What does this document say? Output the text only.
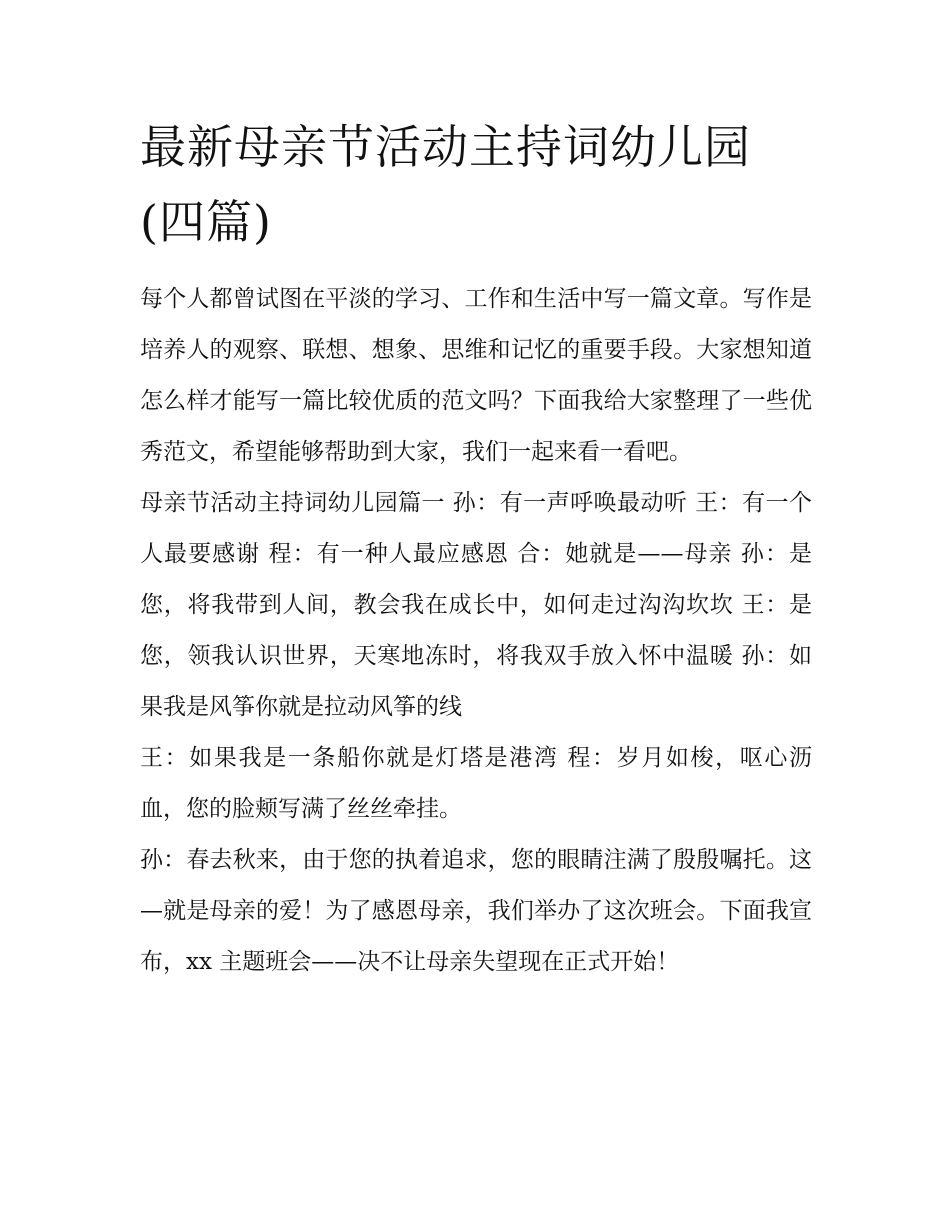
最新母亲节活动主持词幼儿园(四篇)

每个人都曾试图在平淡的学习、工作和生活中写一篇文章。写作是培养人的观察、联想、想象、思维和记忆的重要手段。大家想知道怎么样才能写一篇比较优质的范文吗？下面我给大家整理了一些优秀范文，希望能够帮助到大家，我们一起来看一看吧。

母亲节活动主持词幼儿园篇一 孙：有一声呼唤最动听 王：有一个人最要感谢 程：有一种人最应感恩 合：她就是——母亲 孙：是您，将我带到人间，教会我在成长中，如何走过沟沟坎坎 王：是您，领我认识世界，天寒地冻时，将我双手放入怀中温暖 孙：如果我是风筝你就是拉动风筝的线

王：如果我是一条船你就是灯塔是港湾 程：岁月如梭，呕心沥血，您的脸颊写满了丝丝牵挂。

孙：春去秋来，由于您的执着追求，您的眼睛注满了殷殷嘱托。这—就是母亲的爱！为了感恩母亲，我们举办了这次班会。下面我宣布，xx 主题班会——决不让母亲失望现在正式开始！
